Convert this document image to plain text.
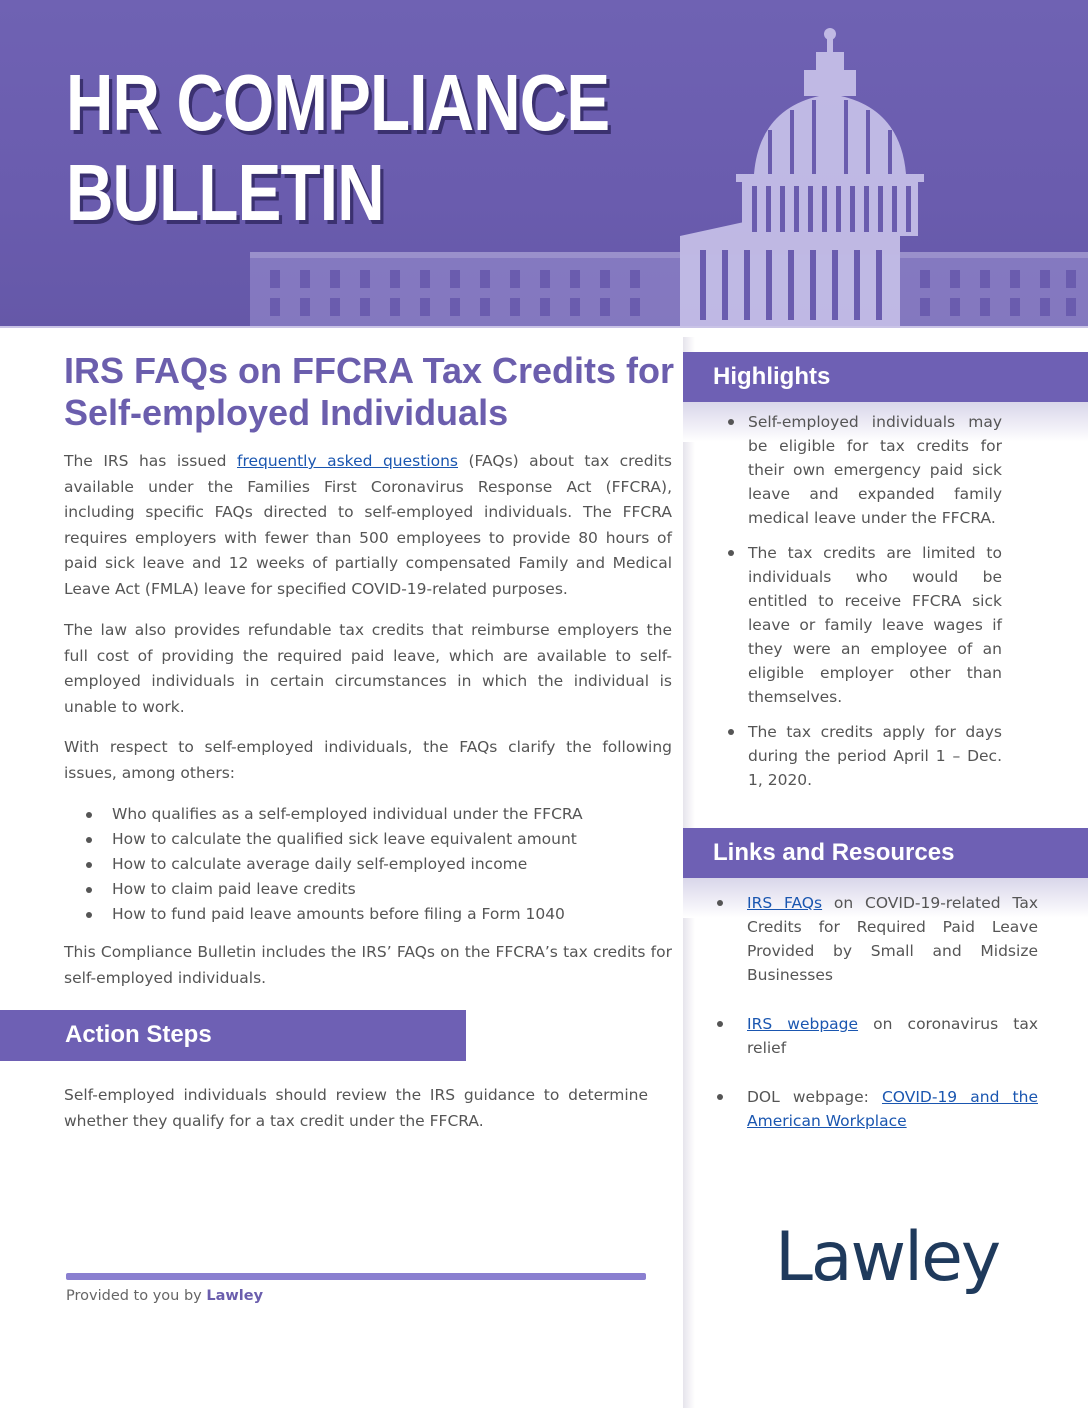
HR COMPLIANCE
BULLETIN
IRS FAQs on FFCRA Tax Credits for Self-employed Individuals

The IRS has issued frequently asked questions (FAQs) about tax credits available under the Families First Coronavirus Response Act (FFCRA), including specific FAQs directed to self-employed individuals. The FFCRA requires employers with fewer than 500 employees to provide 80 hours of paid sick leave and 12 weeks of partially compensated Family and Medical Leave Act (FMLA) leave for specified COVID-19-related purposes.

The law also provides refundable tax credits that reimburse employers the full cost of providing the required paid leave, which are available to self-employed individuals in certain circumstances in which the individual is unable to work.

With respect to self-employed individuals, the FAQs clarify the following issues, among others:

Who qualifies as a self-employed individual under the FFCRA
How to calculate the qualified sick leave equivalent amount
How to calculate average daily self-employed income
How to claim paid leave credits
How to fund paid leave amounts before filing a Form 1040

This Compliance Bulletin includes the IRS’ FAQs on the FFCRA’s tax credits for self-employed individuals.

Action Steps

Self-employed individuals should review the IRS guidance to determine whether they qualify for a tax credit under the FFCRA.

Provided to you by Lawley
Highlights
Self-employed individuals may be eligible for tax credits for their own emergency paid sick leave and expanded family medical leave under the FFCRA.
The tax credits are limited to individuals who would be entitled to receive FFCRA sick leave or family leave wages if they were an employee of an eligible employer other than themselves.
The tax credits apply for days during the period April 1 – Dec. 1, 2020.
Links and Resources
IRS FAQs on COVID-19-related Tax Credits for Required Paid Leave Provided by Small and Midsize Businesses
IRS webpage on coronavirus tax relief
DOL webpage: COVID-19 and the American Workplace
Lawley
